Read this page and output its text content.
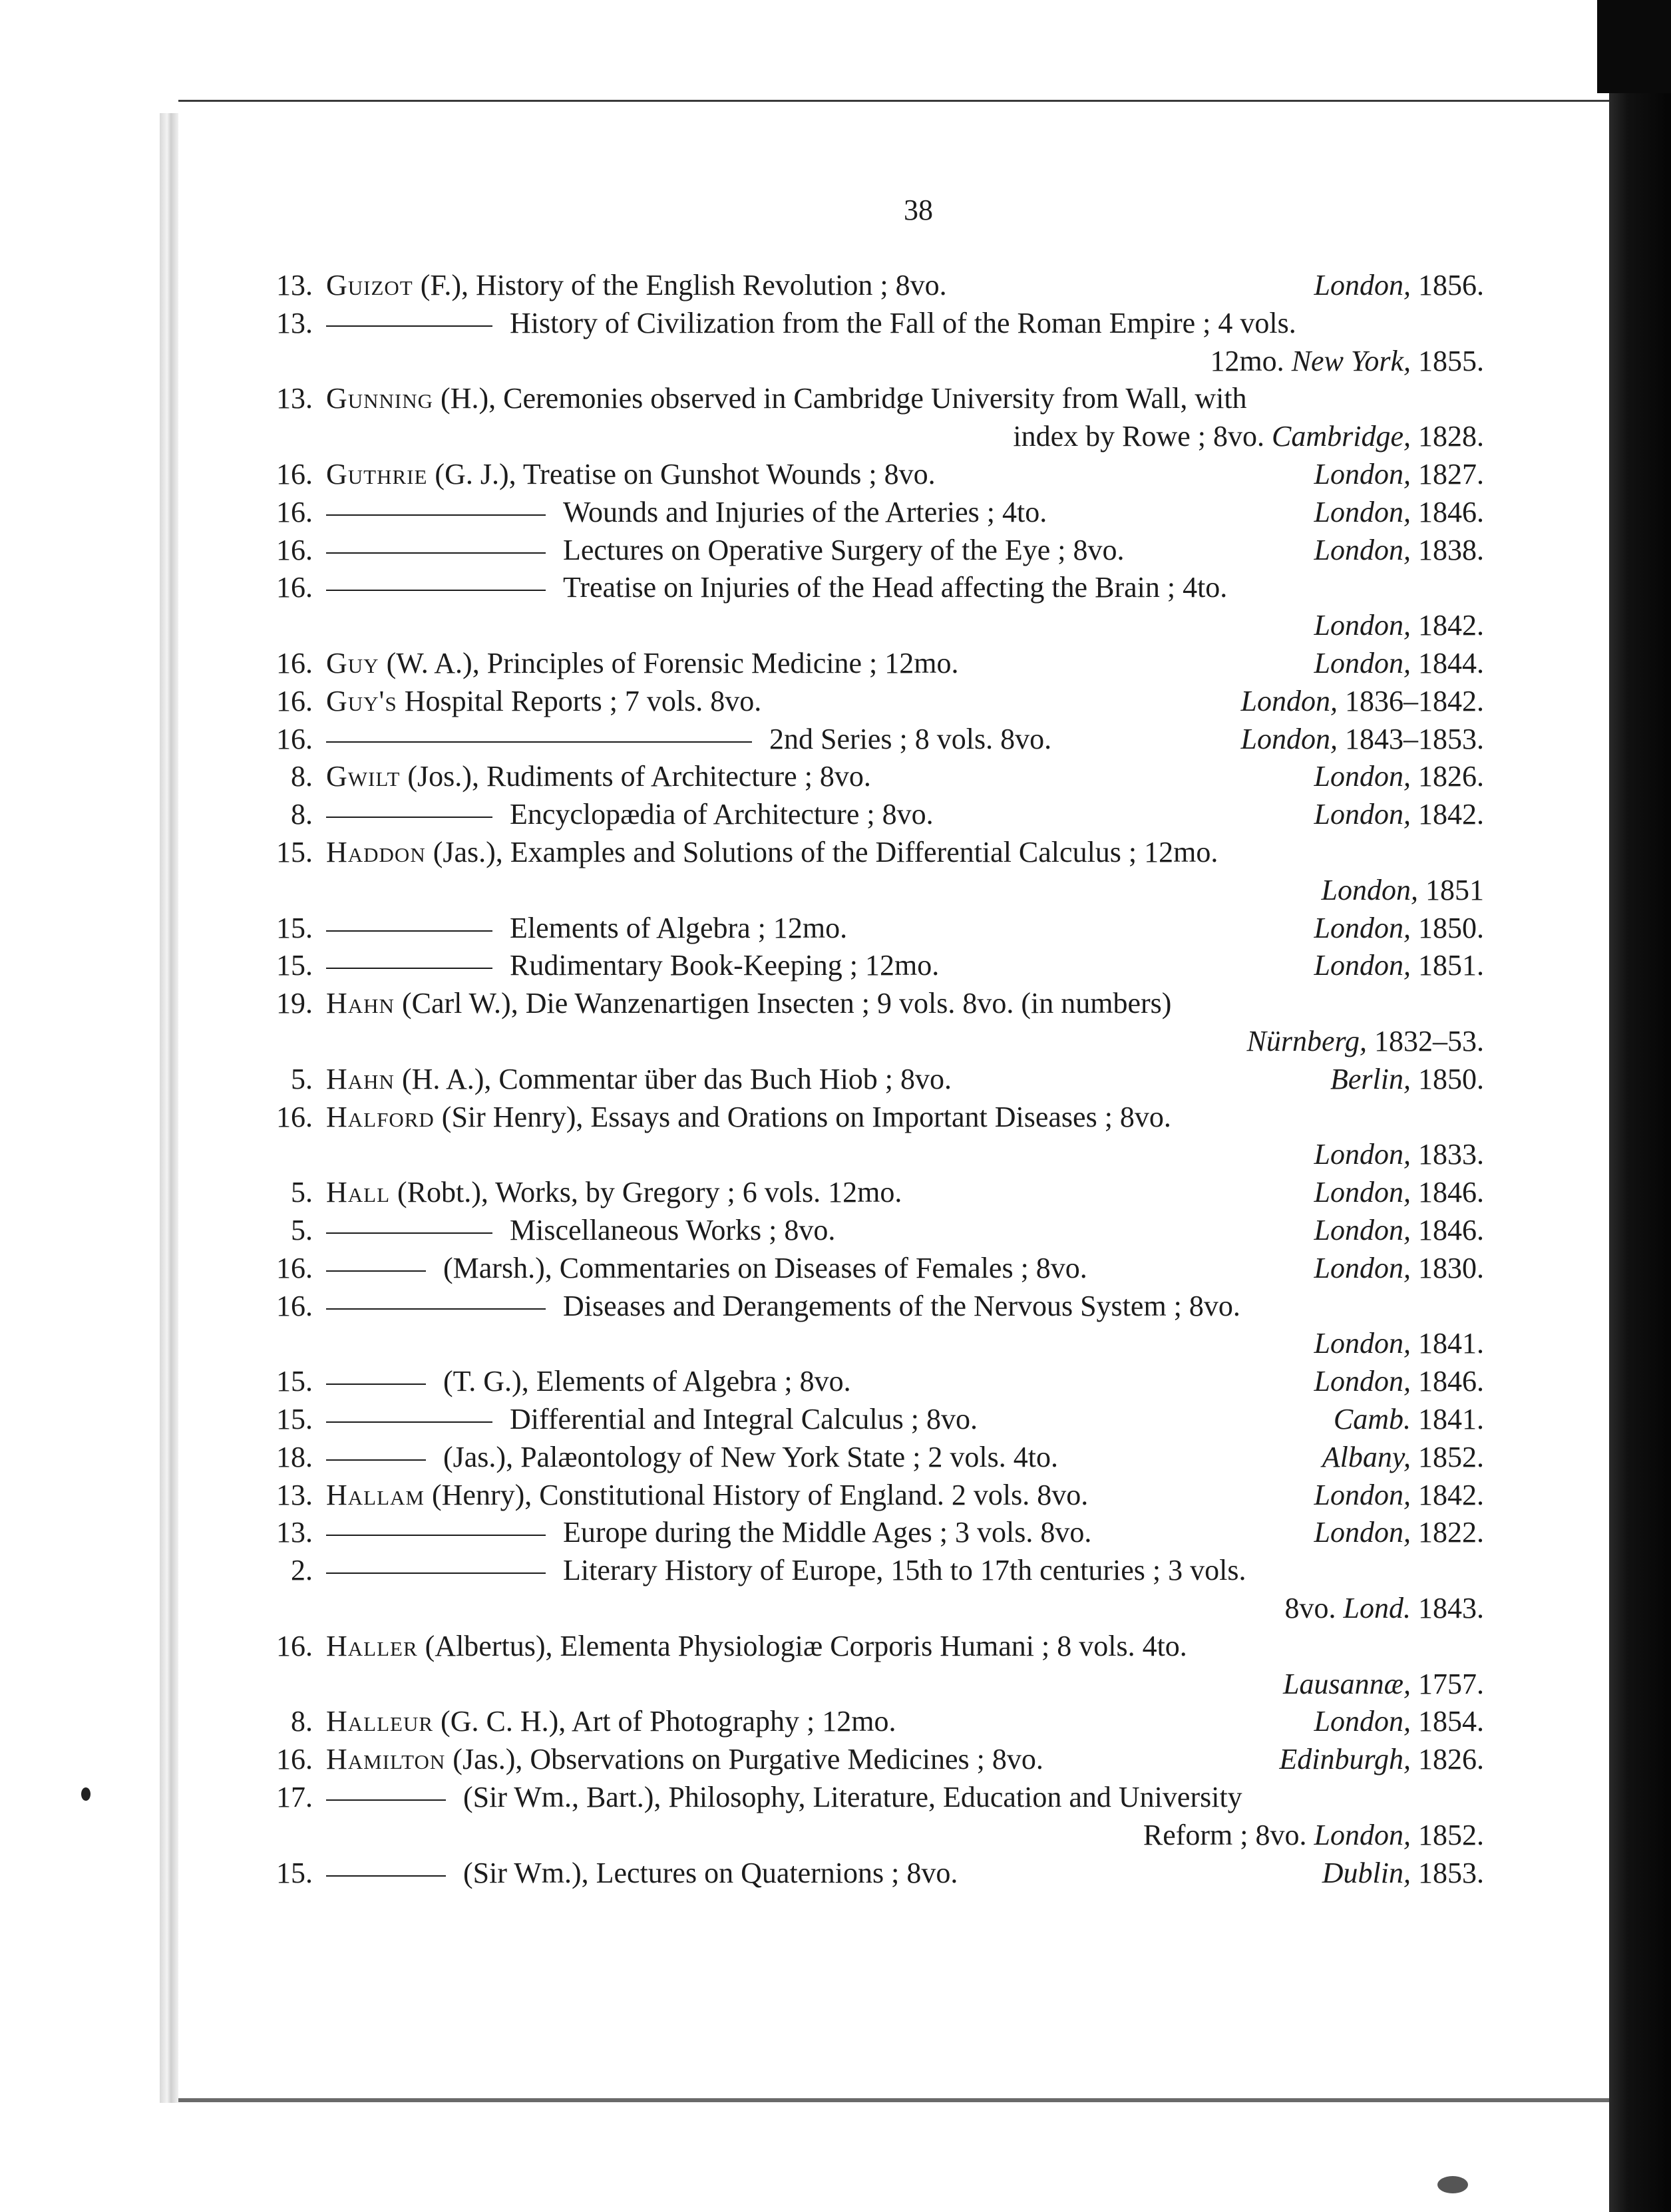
38
13. Guizot (F.), History of the English Revolution ; 8vo.	London, 1856.
13.	History of Civilization from the Fall of the Roman Empire ; 4 vols.
12mo. New York, 1855.
13. Gunning (H.), Ceremonies observed in Cambridge University from Wall, with
index by Rowe ; 8vo. Cambridge, 1828.
16. Guthrie (G. J.), Treatise on Gunshot Wounds ; 8vo.	London, 1827.
16.	Wounds and Injuries of the Arteries ; 4to.	London, 1846.
16.	Lectures on Operative Surgery of the Eye ; 8vo.	London, 1838.
16.	Treatise on Injuries of the Head affecting the Brain ; 4to.
London, 1842.
16. Guy (W. A.), Principles of Forensic Medicine ; 12mo.	London, 1844.
16. Guy's Hospital Reports ; 7 vols. 8vo.	London, 1836–1842.
16.	2nd Series ; 8 vols. 8vo.	London, 1843–1853.
8. Gwilt (Jos.), Rudiments of Architecture ; 8vo.	London, 1826.
8.	Encyclopædia of Architecture ; 8vo.	London, 1842.
15. Haddon (Jas.), Examples and Solutions of the Differential Calculus ; 12mo.
London, 1851
15.	Elements of Algebra ; 12mo.	London, 1850.
15.	Rudimentary Book-Keeping ; 12mo.	London, 1851.
19. Hahn (Carl W.), Die Wanzenartigen Insecten ; 9 vols. 8vo. (in numbers)
Nürnberg, 1832–53.
5. Hahn (H. A.), Commentar über das Buch Hiob ; 8vo.	Berlin, 1850.
16. Halford (Sir Henry), Essays and Orations on Important Diseases ; 8vo.
London, 1833.
5. Hall (Robt.), Works, by Gregory ; 6 vols. 12mo.	London, 1846.
5.	Miscellaneous Works ; 8vo.	London, 1846.
16.	(Marsh.), Commentaries on Diseases of Females ; 8vo.	London, 1830.
16.	Diseases and Derangements of the Nervous System ; 8vo.
London, 1841.
15.	(T. G.), Elements of Algebra ; 8vo.	London, 1846.
15.	Differential and Integral Calculus ; 8vo.	Camb. 1841.
18.	(Jas.), Palæontology of New York State ; 2 vols. 4to.	Albany, 1852.
13. Hallam (Henry), Constitutional History of England. 2 vols. 8vo.	London, 1842.
13.	Europe during the Middle Ages ; 3 vols. 8vo.	London, 1822.
2.	Literary History of Europe, 15th to 17th centuries ; 3 vols.
8vo. Lond. 1843.
16. Haller (Albertus), Elementa Physiologiæ Corporis Humani ; 8 vols. 4to.
Lausannæ, 1757.
8. Halleur (G. C. H.), Art of Photography ; 12mo.	London, 1854.
16. Hamilton (Jas.), Observations on Purgative Medicines ; 8vo.	Edinburgh, 1826.
17.	(Sir Wm., Bart.), Philosophy, Literature, Education and University
Reform ; 8vo. London, 1852.
15.	(Sir Wm.), Lectures on Quaternions ; 8vo.	Dublin, 1853.
